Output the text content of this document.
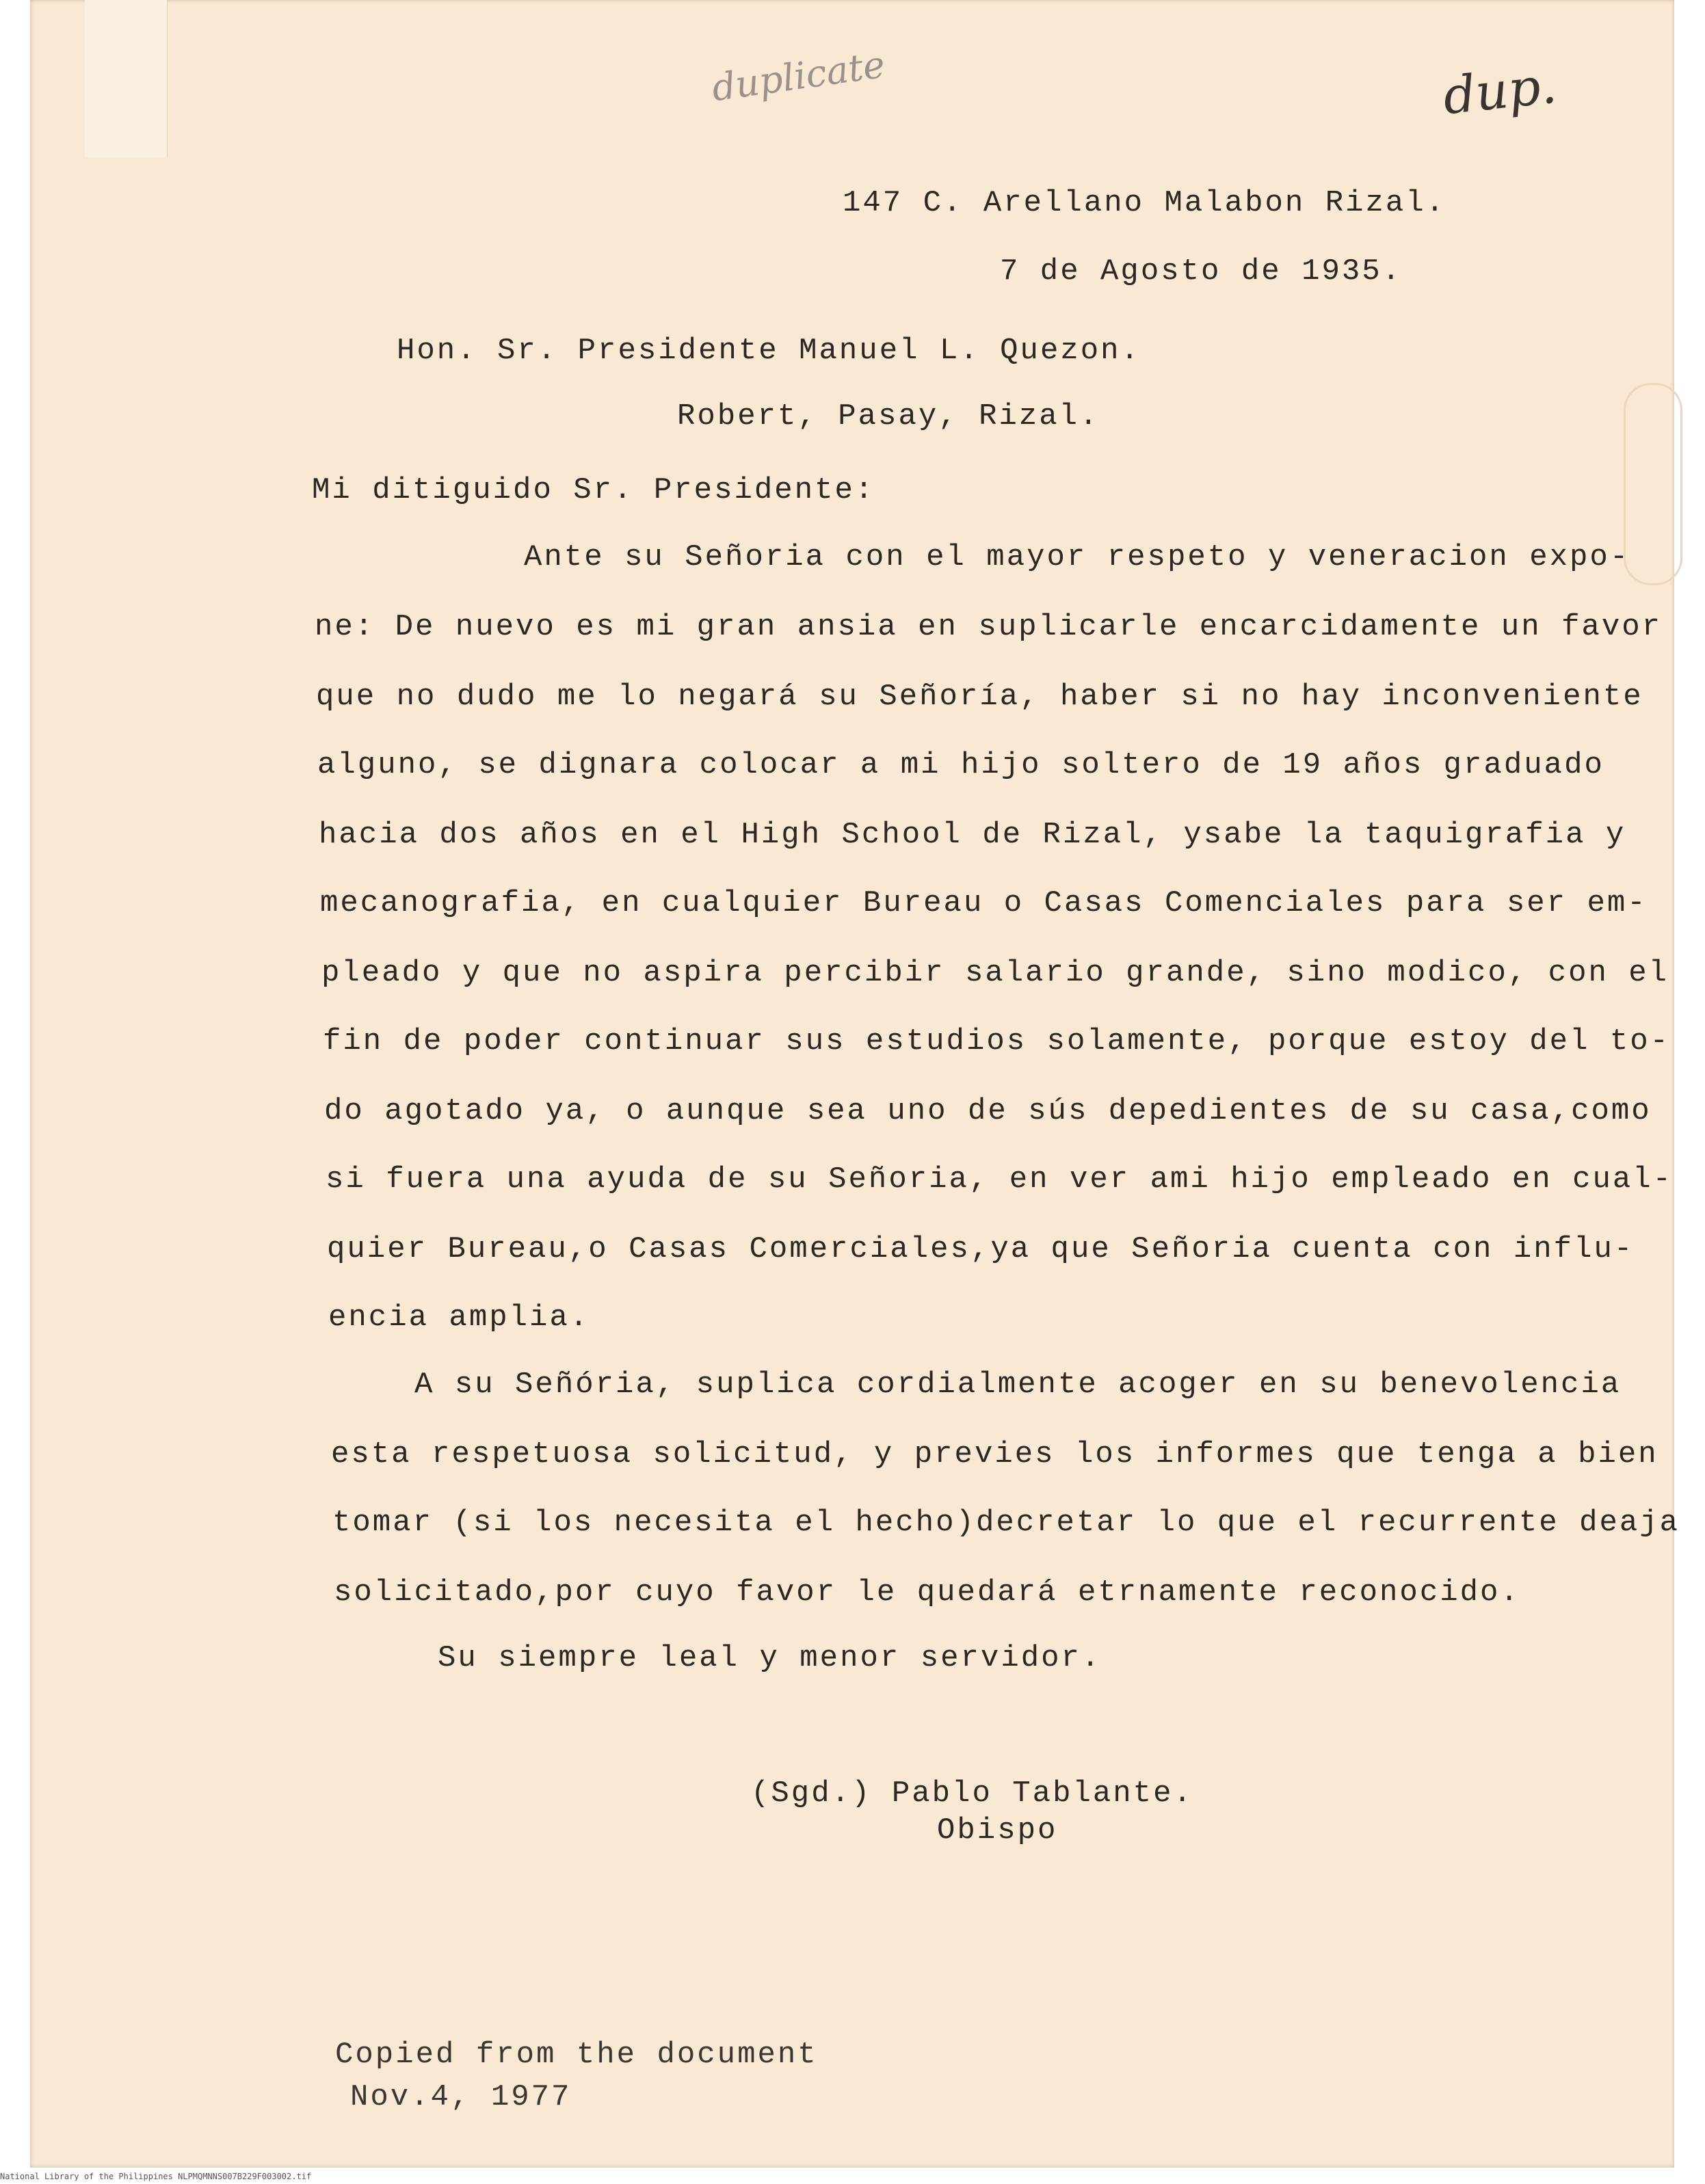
duplicate	dup.
147 C. Arellano Malabon Rizal.
7 de Agosto de 1935.
Hon. Sr. Presidente Manuel L. Quezon.
Robert, Pasay, Rizal.
Mi ditiguido Sr. Presidente:
Ante su Señoria con el mayor respeto y veneracion expo-
ne: De nuevo es mi gran ansia en suplicarle encarcidamente un favor
que no dudo me lo negará su Señoría, haber si no hay inconveniente
alguno, se dignara colocar a mi hijo soltero de 19 años graduado
hacia dos años en el High School de Rizal, ysabe la taquigrafia y
mecanografia, en cualquier Bureau o Casas Comenciales para ser em-
pleado y que no aspira percibir salario grande, sino modico, con el
fin de poder continuar sus estudios solamente, porque estoy del to-
do agotado ya, o aunque sea uno de sús depedientes de su casa,como
si fuera una ayuda de su Señoria, en ver ami hijo empleado en cual-
quier Bureau,o Casas Comerciales,ya que Señoria cuenta con influ-
encia amplia.
A su Señória, suplica cordialmente acoger en su benevolencia
esta respetuosa solicitud, y previes los informes que tenga a bien
tomar (si los necesita el hecho)decretar lo que el recurrente deaja
solicitado,por cuyo favor le quedará etrnamente reconocido.
Su siempre leal y menor servidor.
(Sgd.) Pablo Tablante.
Obispo
Copied from the document
Nov.4, 1977
National Library of the Philippines NLPMQMNNS007B229F003002.tif
